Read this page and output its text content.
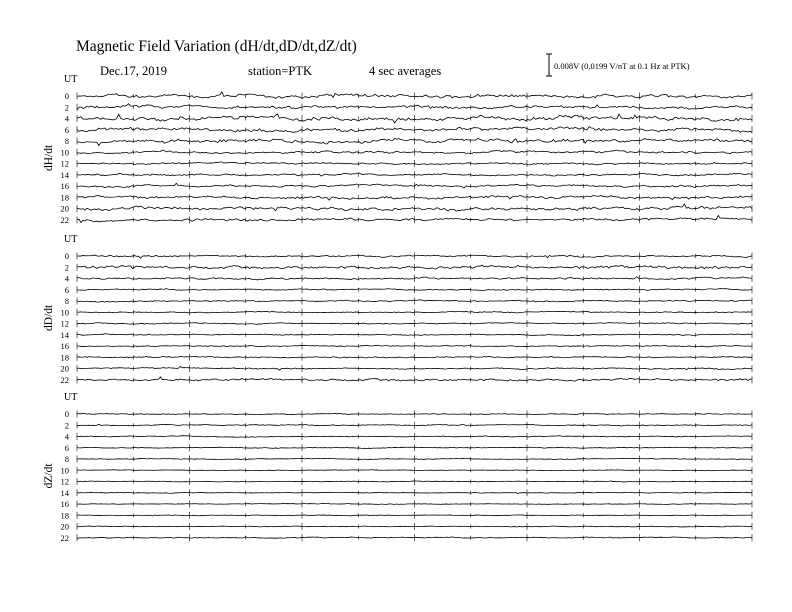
Magnetic Field Variation (dH/dt,dD/dt,dZ/dt)
Dec.17, 2019	station=PTK	4 sec averages	0.008V (0.0199 V/nT at 0.1 Hz at PTK)
UT
dH/dt
0
2
4
6
8
10
12
14
16
18
20
22
UT
dD/dt
0
2
4
6
8
10
12
14
16
18
20
22
UT
dZ/dt
0
2
4
6
8
10
12
14
16
18
20
22
